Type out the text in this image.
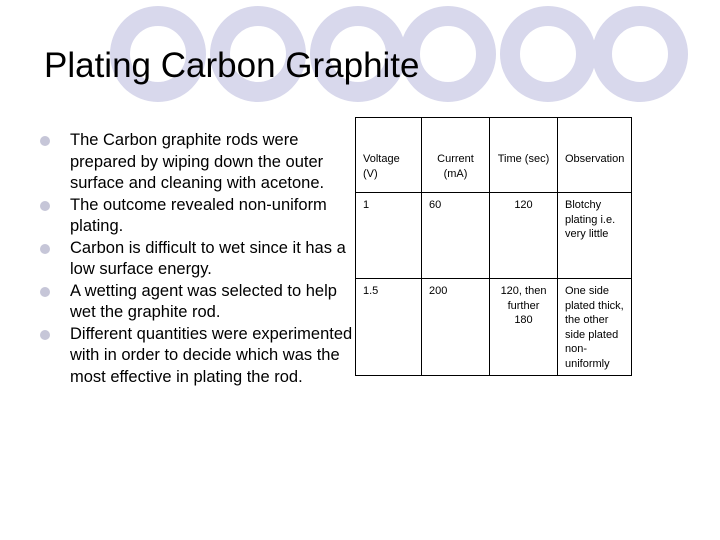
Plating Carbon Graphite
The Carbon graphite rods were prepared by wiping down the outer surface and cleaning with acetone.
The outcome revealed non-uniform plating.
Carbon is difficult to wet since it has a low surface energy.
A wetting agent was selected to help wet the graphite rod.
Different quantities were experimented with in order to decide which was the most effective in plating the rod.
Voltage (V)	Current (mA)	Time (sec)	Observation
1	60	120	Blotchy plating i.e. very little
1.5	200	120, then further 180	One side plated thick, the other side plated non-uniformly
